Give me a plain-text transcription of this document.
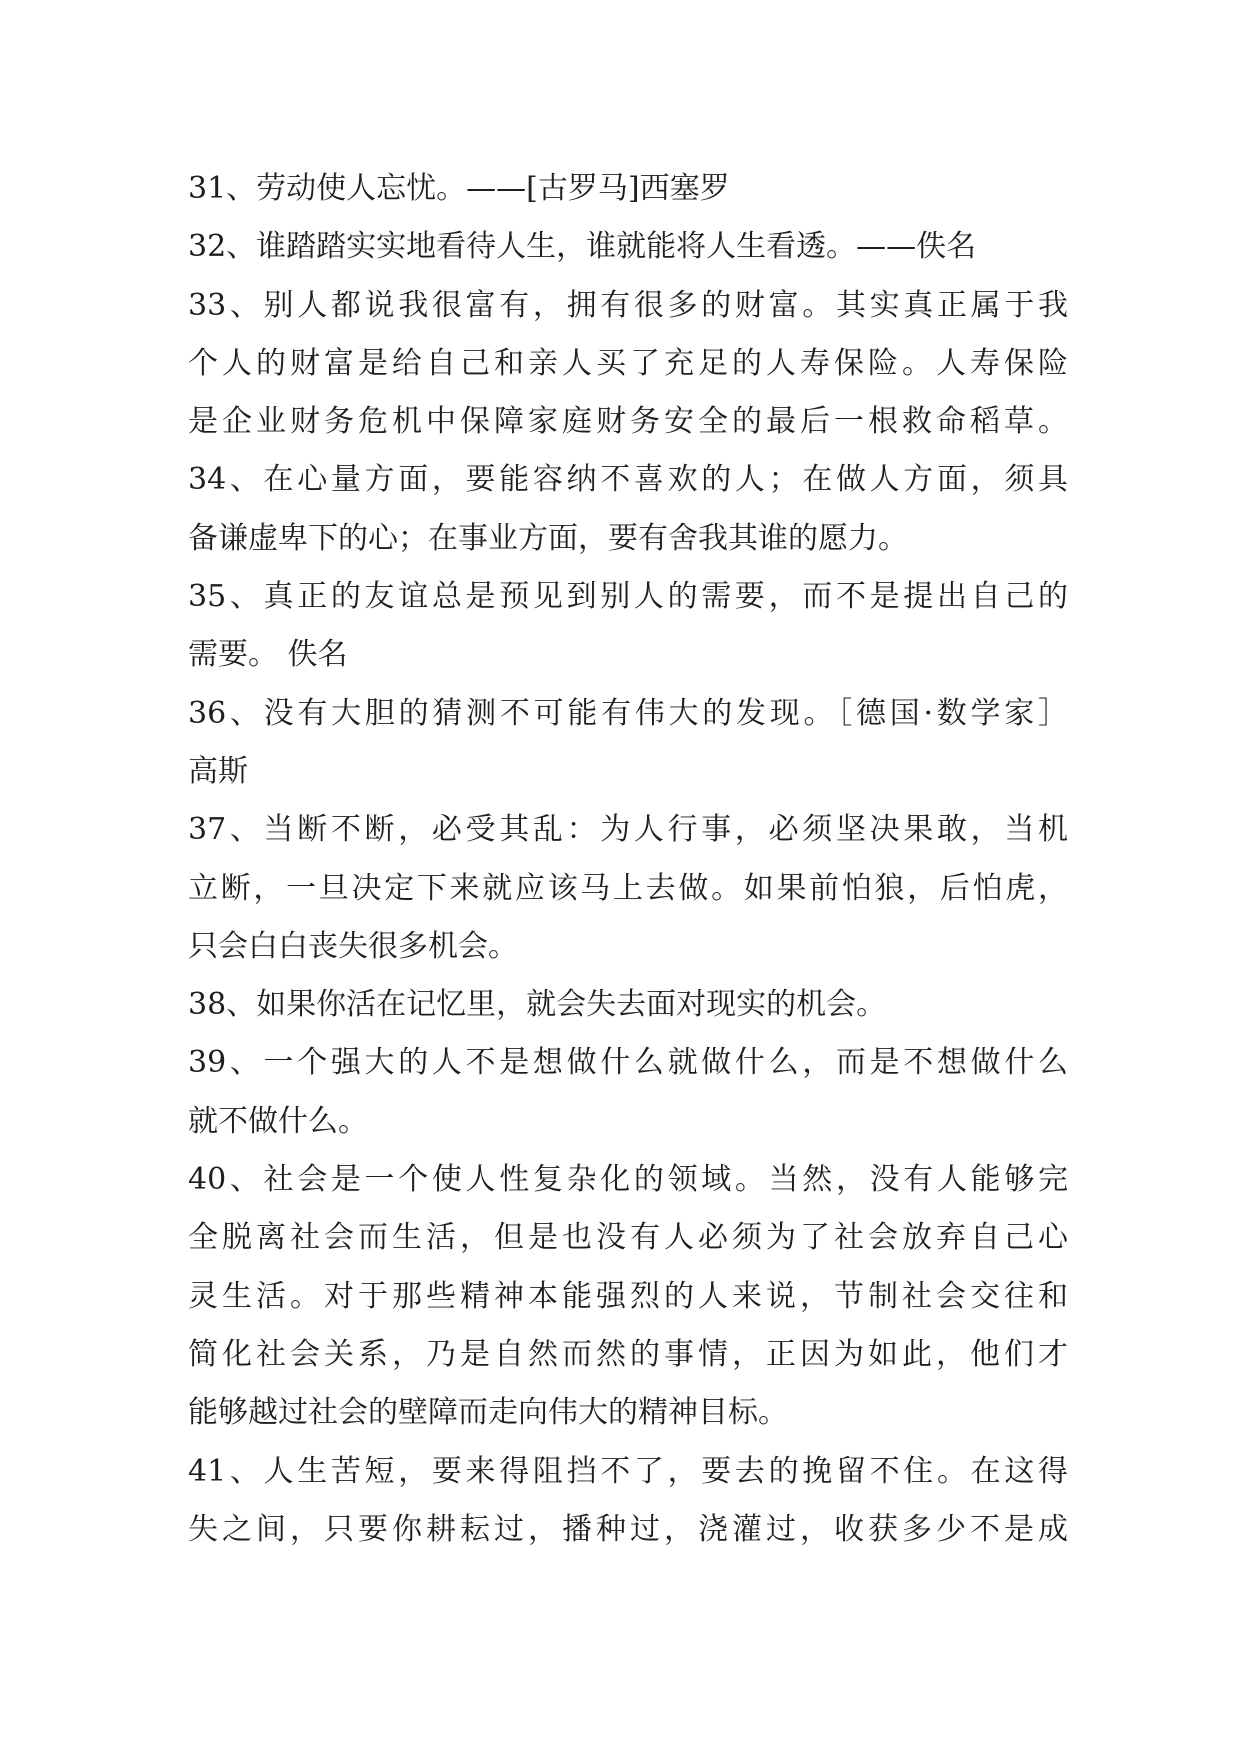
31、劳动使人忘忧。——[古罗马]西塞罗
32、谁踏踏实实地看待人生，谁就能将人生看透。——佚名
33、别人都说我很富有，拥有很多的财富。其实真正属于我
个人的财富是给自己和亲人买了充足的人寿保险。人寿保险
是企业财务危机中保障家庭财务安全的最后一根救命稻草。
34、在心量方面，要能容纳不喜欢的人；在做人方面，须具
备谦虚卑下的心；在事业方面，要有舍我其谁的愿力。
35、真正的友谊总是预见到别人的需要，而不是提出自己的
需要。 佚名
36、没有大胆的猜测不可能有伟大的发现。［德国·数学家］
高斯
37、当断不断，必受其乱：为人行事，必须坚决果敢，当机
立断，一旦决定下来就应该马上去做。如果前怕狼，后怕虎，
只会白白丧失很多机会。
38、如果你活在记忆里，就会失去面对现实的机会。
39、一个强大的人不是想做什么就做什么，而是不想做什么
就不做什么。
40、社会是一个使人性复杂化的领域。当然，没有人能够完
全脱离社会而生活，但是也没有人必须为了社会放弃自己心
灵生活。对于那些精神本能强烈的人来说，节制社会交往和
简化社会关系，乃是自然而然的事情，正因为如此，他们才
能够越过社会的壁障而走向伟大的精神目标。
41、人生苦短，要来得阻挡不了，要去的挽留不住。在这得
失之间，只要你耕耘过，播种过，浇灌过，收获多少不是成
